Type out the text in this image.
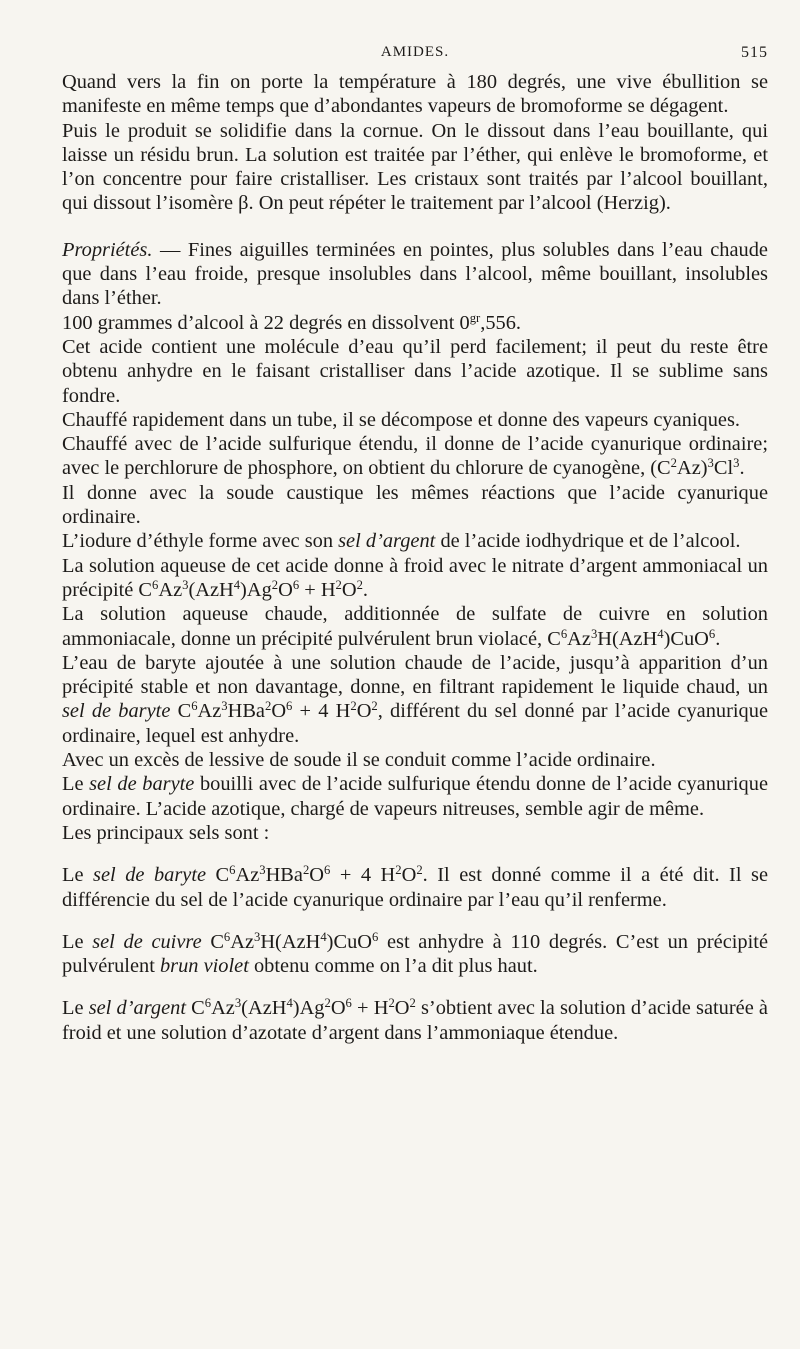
AMIDES.	515

Quand vers la fin on porte la température à 180 degrés, une vive ébullition se manifeste en même temps que d’abondantes vapeurs de bromoforme se dégagent.

Puis le produit se solidifie dans la cornue. On le dissout dans l’eau bouillante, qui laisse un résidu brun. La solution est traitée par l’éther, qui enlève le bromoforme, et l’on concentre pour faire cristalliser. Les cristaux sont traités par l’alcool bouillant, qui dissout l’isomère β. On peut répéter le traitement par l’alcool (Herzig).

Propriétés. — Fines aiguilles terminées en pointes, plus solubles dans l’eau chaude que dans l’eau froide, presque insolubles dans l’alcool, même bouillant, insolubles dans l’éther.

100 grammes d’alcool à 22 degrés en dissolvent $0^{gr},556$.

Cet acide contient une molécule d’eau qu’il perd facilement; il peut du reste être obtenu anhydre en le faisant cristalliser dans l’acide azotique. Il se sublime sans fondre.

Chauffé rapidement dans un tube, il se décompose et donne des vapeurs cyaniques.

Chauffé avec de l’acide sulfurique étendu, il donne de l’acide cyanurique ordinaire; avec le perchlorure de phosphore, on obtient du chlorure de cyanogène, $(C^2Az)^3Cl^3$.

Il donne avec la soude caustique les mêmes réactions que l’acide cyanurique ordinaire.

L’iodure d’éthyle forme avec son sel d’argent de l’acide iodhydrique et de l’alcool.

La solution aqueuse de cet acide donne à froid avec le nitrate d’argent ammoniacal un précipité $C^6Az^3(AzH^4)Ag^2O^6 + H^2O^2$.

La solution aqueuse chaude, additionnée de sulfate de cuivre en solution ammoniacale, donne un précipité pulvérulent brun violacé, $C^6Az^3H(AzH^4)CuO^6$.

L’eau de baryte ajoutée à une solution chaude de l’acide, jusqu’à apparition d’un précipité stable et non davantage, donne, en filtrant rapidement le liquide chaud, un sel de baryte $C^6Az^3HBa^2O^6 + 4$ $H^2O^2$, différent du sel donné par l’acide cyanurique ordinaire, lequel est anhydre.

Avec un excès de lessive de soude il se conduit comme l’acide ordinaire.

Le sel de baryte bouilli avec de l’acide sulfurique étendu donne de l’acide cyanurique ordinaire. L’acide azotique, chargé de vapeurs nitreuses, semble agir de même.

Les principaux sels sont :

Le sel de baryte $C^6Az^3HBa^2O^6 + 4$ $H^2O^2$. Il est donné comme il a été dit. Il se différencie du sel de l’acide cyanurique ordinaire par l’eau qu’il renferme.

Le sel de cuivre $C^6Az^3H(AzH^4)CuO^6$ est anhydre à 110 degrés. C’est un précipité pulvérulent brun violet obtenu comme on l’a dit plus haut.

Le sel d’argent $C^6Az^3(AzH^4)Ag^2O^6 + H^2O^2$ s’obtient avec la solution d’acide saturée à froid et une solution d’azotate d’argent dans l’ammoniaque étendue.
